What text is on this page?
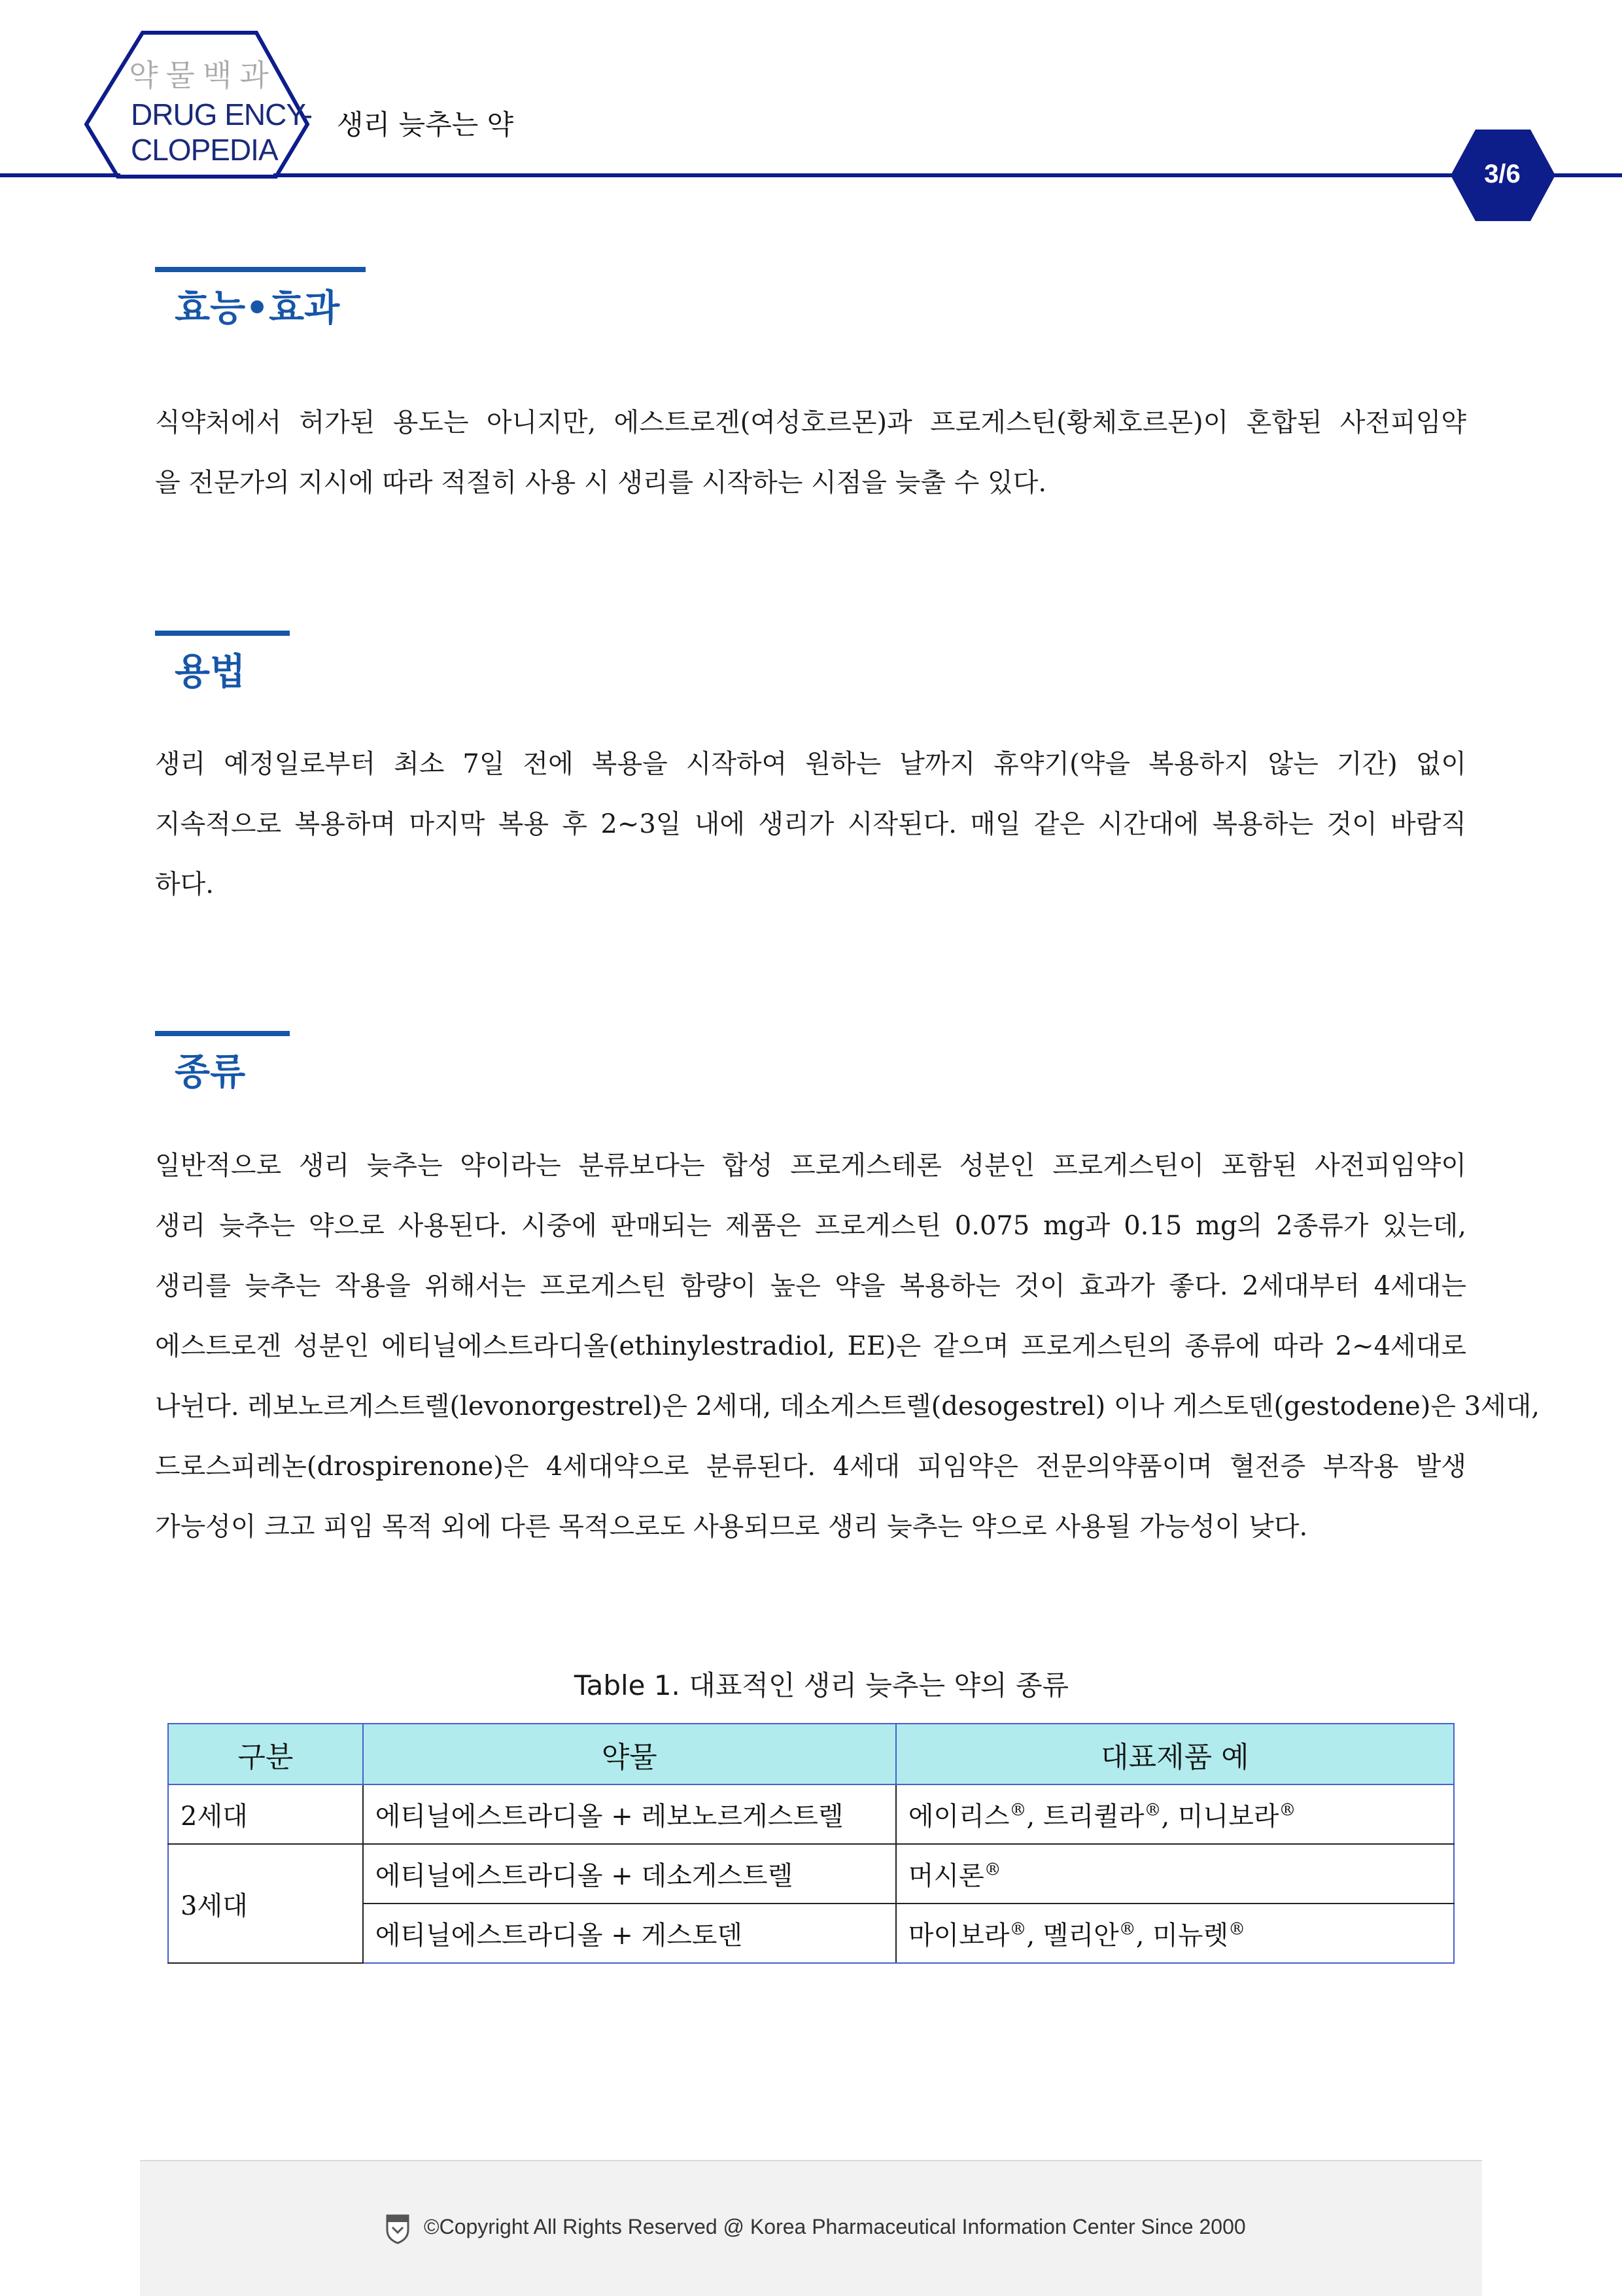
약물백과
DRUG ENCY-
CLOPEDIA
생리 늦추는 약
3/6
효능•효과
식약처에서 허가된 용도는 아니지만, 에스트로겐(여성호르몬)과 프로게스틴(황체호르몬)이 혼합된 사전피임약
을 전문가의 지시에 따라 적절히 사용 시 생리를 시작하는 시점을 늦출 수 있다.
용법
생리 예정일로부터 최소 7일 전에 복용을 시작하여 원하는 날까지 휴약기(약을 복용하지 않는 기간) 없이
지속적으로 복용하며 마지막 복용 후 2~3일 내에 생리가 시작된다. 매일 같은 시간대에 복용하는 것이 바람직
하다.
종류
일반적으로 생리 늦추는 약이라는 분류보다는 합성 프로게스테론 성분인 프로게스틴이 포함된 사전피임약이
생리 늦추는 약으로 사용된다. 시중에 판매되는 제품은 프로게스틴 0.075 mg과 0.15 mg의 2종류가 있는데,
생리를 늦추는 작용을 위해서는 프로게스틴 함량이 높은 약을 복용하는 것이 효과가 좋다. 2세대부터 4세대는
에스트로겐 성분인 에티닐에스트라디올(ethinylestradiol, EE)은 같으며 프로게스틴의 종류에 따라 2~4세대로
나뉜다. 레보노르게스트렐(levonorgestrel)은 2세대, 데소게스트렐(desogestrel) 이나 게스토덴(gestodene)은 3세대,
드로스피레논(drospirenone)은 4세대약으로 분류된다. 4세대 피임약은 전문의약품이며 혈전증 부작용 발생
가능성이 크고 피임 목적 외에 다른 목적으로도 사용되므로 생리 늦추는 약으로 사용될 가능성이 낮다.
Table 1. 대표적인 생리 늦추는 약의 종류
구분	약물	대표제품 예
2세대	에티닐에스트라디올 + 레보노르게스트렐	에이리스®, 트리퀼라®, 미니보라®
3세대	에티닐에스트라디올 + 데소게스트렐	머시론®
	에티닐에스트라디올 + 게스토덴	마이보라®, 멜리안®, 미뉴렛®
©Copyright All Rights Reserved @ Korea Pharmaceutical Information Center Since 2000
